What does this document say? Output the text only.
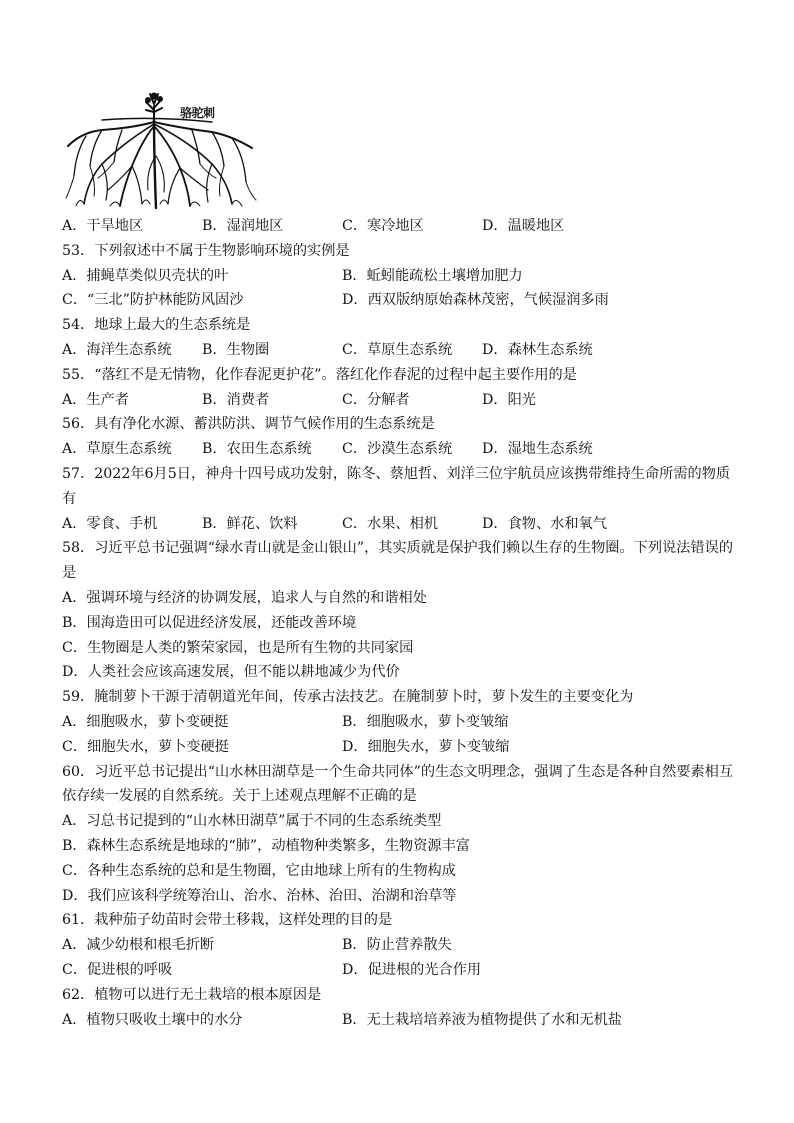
骆驼刺
A．干旱地区	B．湿润地区	C．寒冷地区	D．温暖地区
53．下列叙述中不属于生物影响环境的实例是
A．捕蝇草类似贝壳状的叶	B．蚯蚓能疏松土壤增加肥力
C．“三北”防护林能防风固沙	D．西双版纳原始森林茂密，气候湿润多雨
54．地球上最大的生态系统是
A．海洋生态系统	B．生物圈	C．草原生态系统	D．森林生态系统
55．“落红不是无情物，化作春泥更护花”。落红化作春泥的过程中起主要作用的是
A．生产者	B．消费者	C．分解者	D．阳光
56．具有净化水源、蓄洪防洪、调节气候作用的生态系统是
A．草原生态系统	B．农田生态系统	C．沙漠生态系统	D．湿地生态系统
57．2022年6月5日，神舟十四号成功发射，陈冬、蔡旭哲、刘洋三位宇航员应该携带维持生命所需的物质
有
A．零食、手机	B．鲜花、饮料	C．水果、相机	D．食物、水和氧气
58．习近平总书记强调“绿水青山就是金山银山”，其实质就是保护我们赖以生存的生物圈。下列说法错误的
是
A．强调环境与经济的协调发展，追求人与自然的和谐相处
B．围海造田可以促进经济发展，还能改善环境
C．生物圈是人类的繁荣家园，也是所有生物的共同家园
D．人类社会应该高速发展，但不能以耕地减少为代价
59．腌制萝卜干源于清朝道光年间，传承古法技艺。在腌制萝卜时，萝卜发生的主要变化为
A．细胞吸水，萝卜变硬挺	B．细胞吸水，萝卜变皱缩
C．细胞失水，萝卜变硬挺	D．细胞失水，萝卜变皱缩
60．习近平总书记提出“山水林田湖草是一个生命共同体”的生态文明理念，强调了生态是各种自然要素相互
依存续一发展的自然系统。关于上述观点理解不正确的是
A．习总书记提到的“山水林田湖草”属于不同的生态系统类型
B．森林生态系统是地球的“肺”，动植物种类繁多，生物资源丰富
C．各种生态系统的总和是生物圈，它由地球上所有的生物构成
D．我们应该科学统筹治山、治水、治林、治田、治湖和治草等
61．栽种茄子幼苗时会带土移栽，这样处理的目的是
A．减少幼根和根毛折断	B．防止营养散失
C．促进根的呼吸	D．促进根的光合作用
62．植物可以进行无土栽培的根本原因是
A．植物只吸收土壤中的水分	B．无土栽培培养液为植物提供了水和无机盐
